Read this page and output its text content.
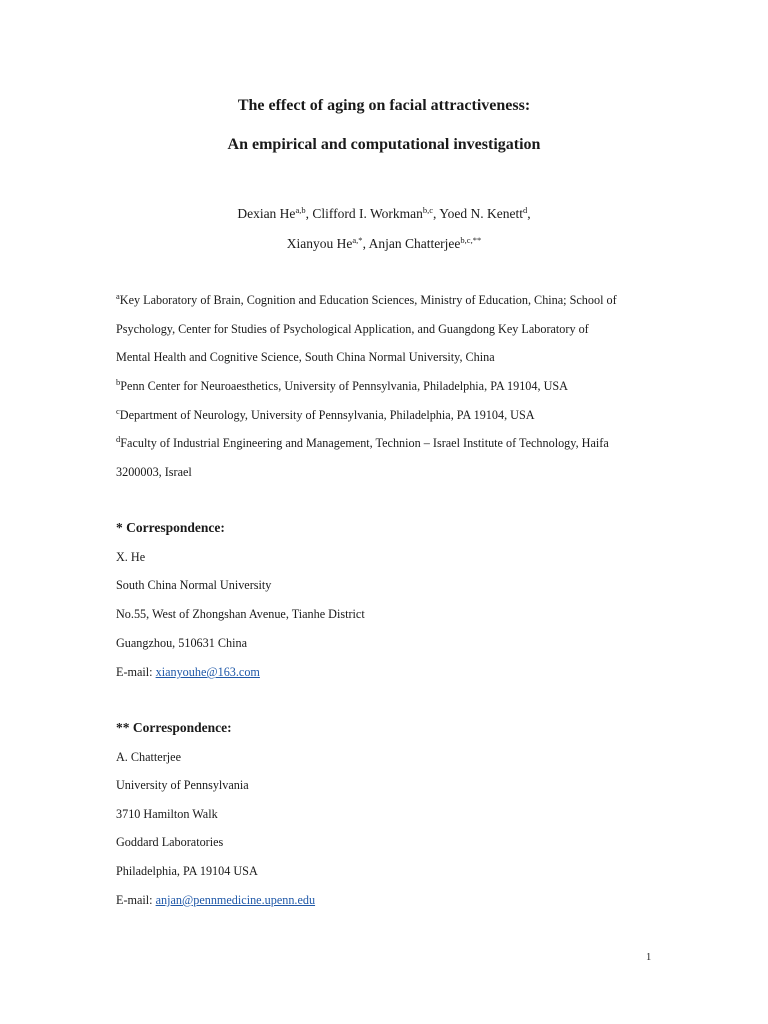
The effect of aging on facial attractiveness:
An empirical and computational investigation
Dexian He$^{a,b}$, Clifford I. Workman$^{b,c}$, Yoed N. Kenett$^d$,
Xianyou $He^{a,*}$, Anjan Chatterjee$^{b,c,**}$
$^a$Key Laboratory of Brain, Cognition and Education Sciences, Ministry of Education, China; School of
Psychology, Center for Studies of Psychological Application, and Guangdong Key Laboratory of
Mental Health and Cognitive Science, South China Normal University, China
$^b$Penn Center for Neuroaesthetics, University of Pennsylvania, Philadelphia, PA 19104, USA
$^c$Department of Neurology, University of Pennsylvania, Philadelphia, PA 19104, USA
$^d$Faculty of Industrial Engineering and Management, Technion – Israel Institute of Technology, Haifa
3200003, Israel
* Correspondence:
X. He
South China Normal University
No.55, West of Zhongshan Avenue, Tianhe District
Guangzhou, 510631 China
E-mail: xianyouhe@163.com
** Correspondence:
A. Chatterjee
University of Pennsylvania
3710 Hamilton Walk
Goddard Laboratories
Philadelphia, PA 19104 USA
E-mail: anjan@pennmedicine.upenn.edu
1
